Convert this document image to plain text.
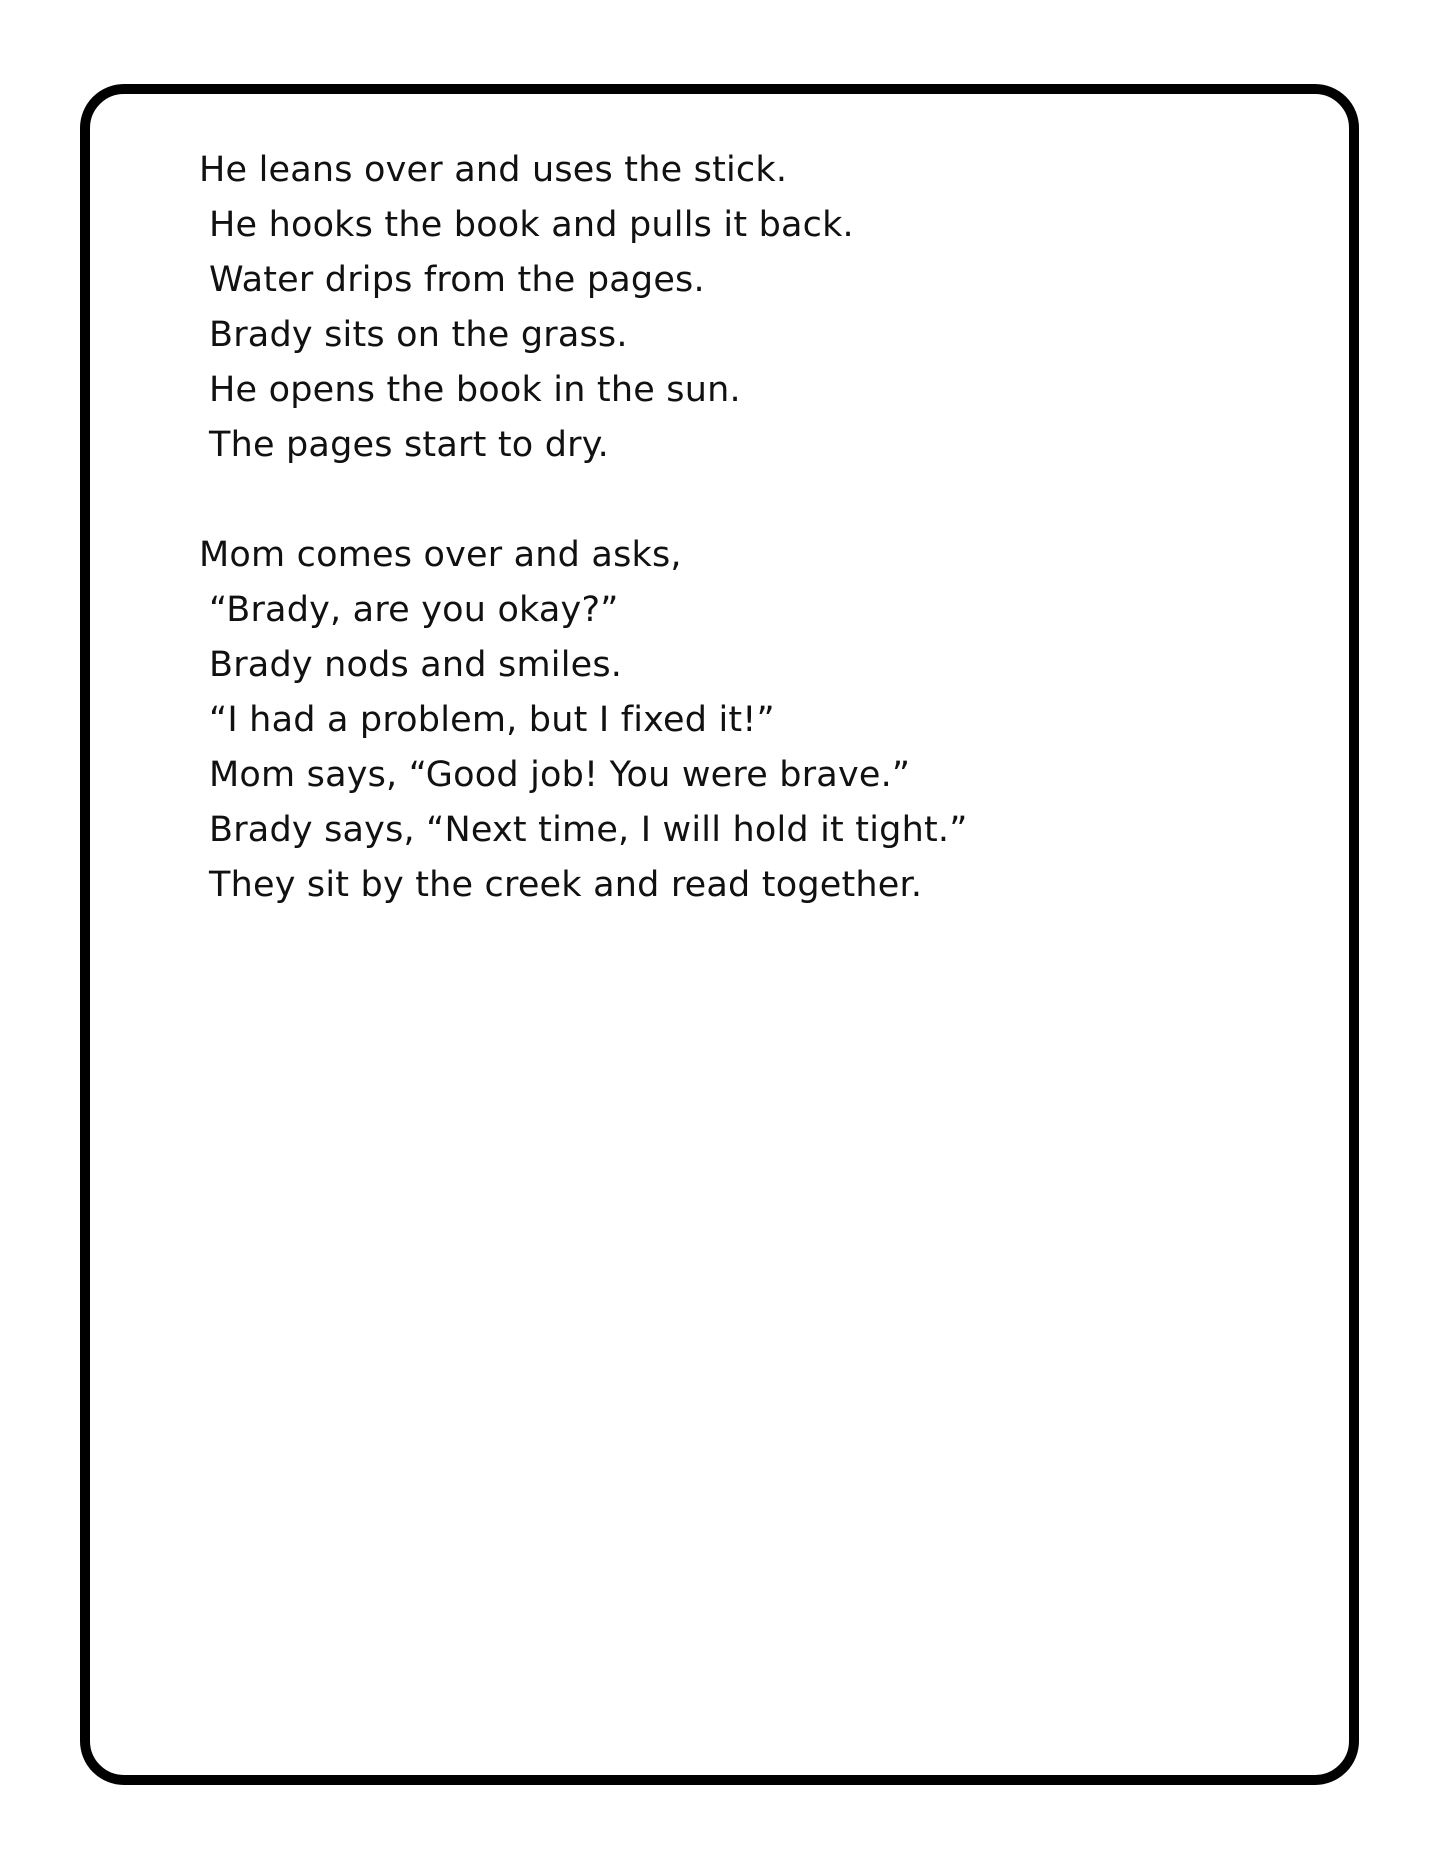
He leans over and uses the stick.
He hooks the book and pulls it back.
Water drips from the pages.
Brady sits on the grass.
He opens the book in the sun.
The pages start to dry.

Mom comes over and asks,
“Brady, are you okay?”
Brady nods and smiles.
“I had a problem, but I fixed it!”
Mom says, “Good job! You were brave.”
Brady says, “Next time, I will hold it tight.”
They sit by the creek and read together.
